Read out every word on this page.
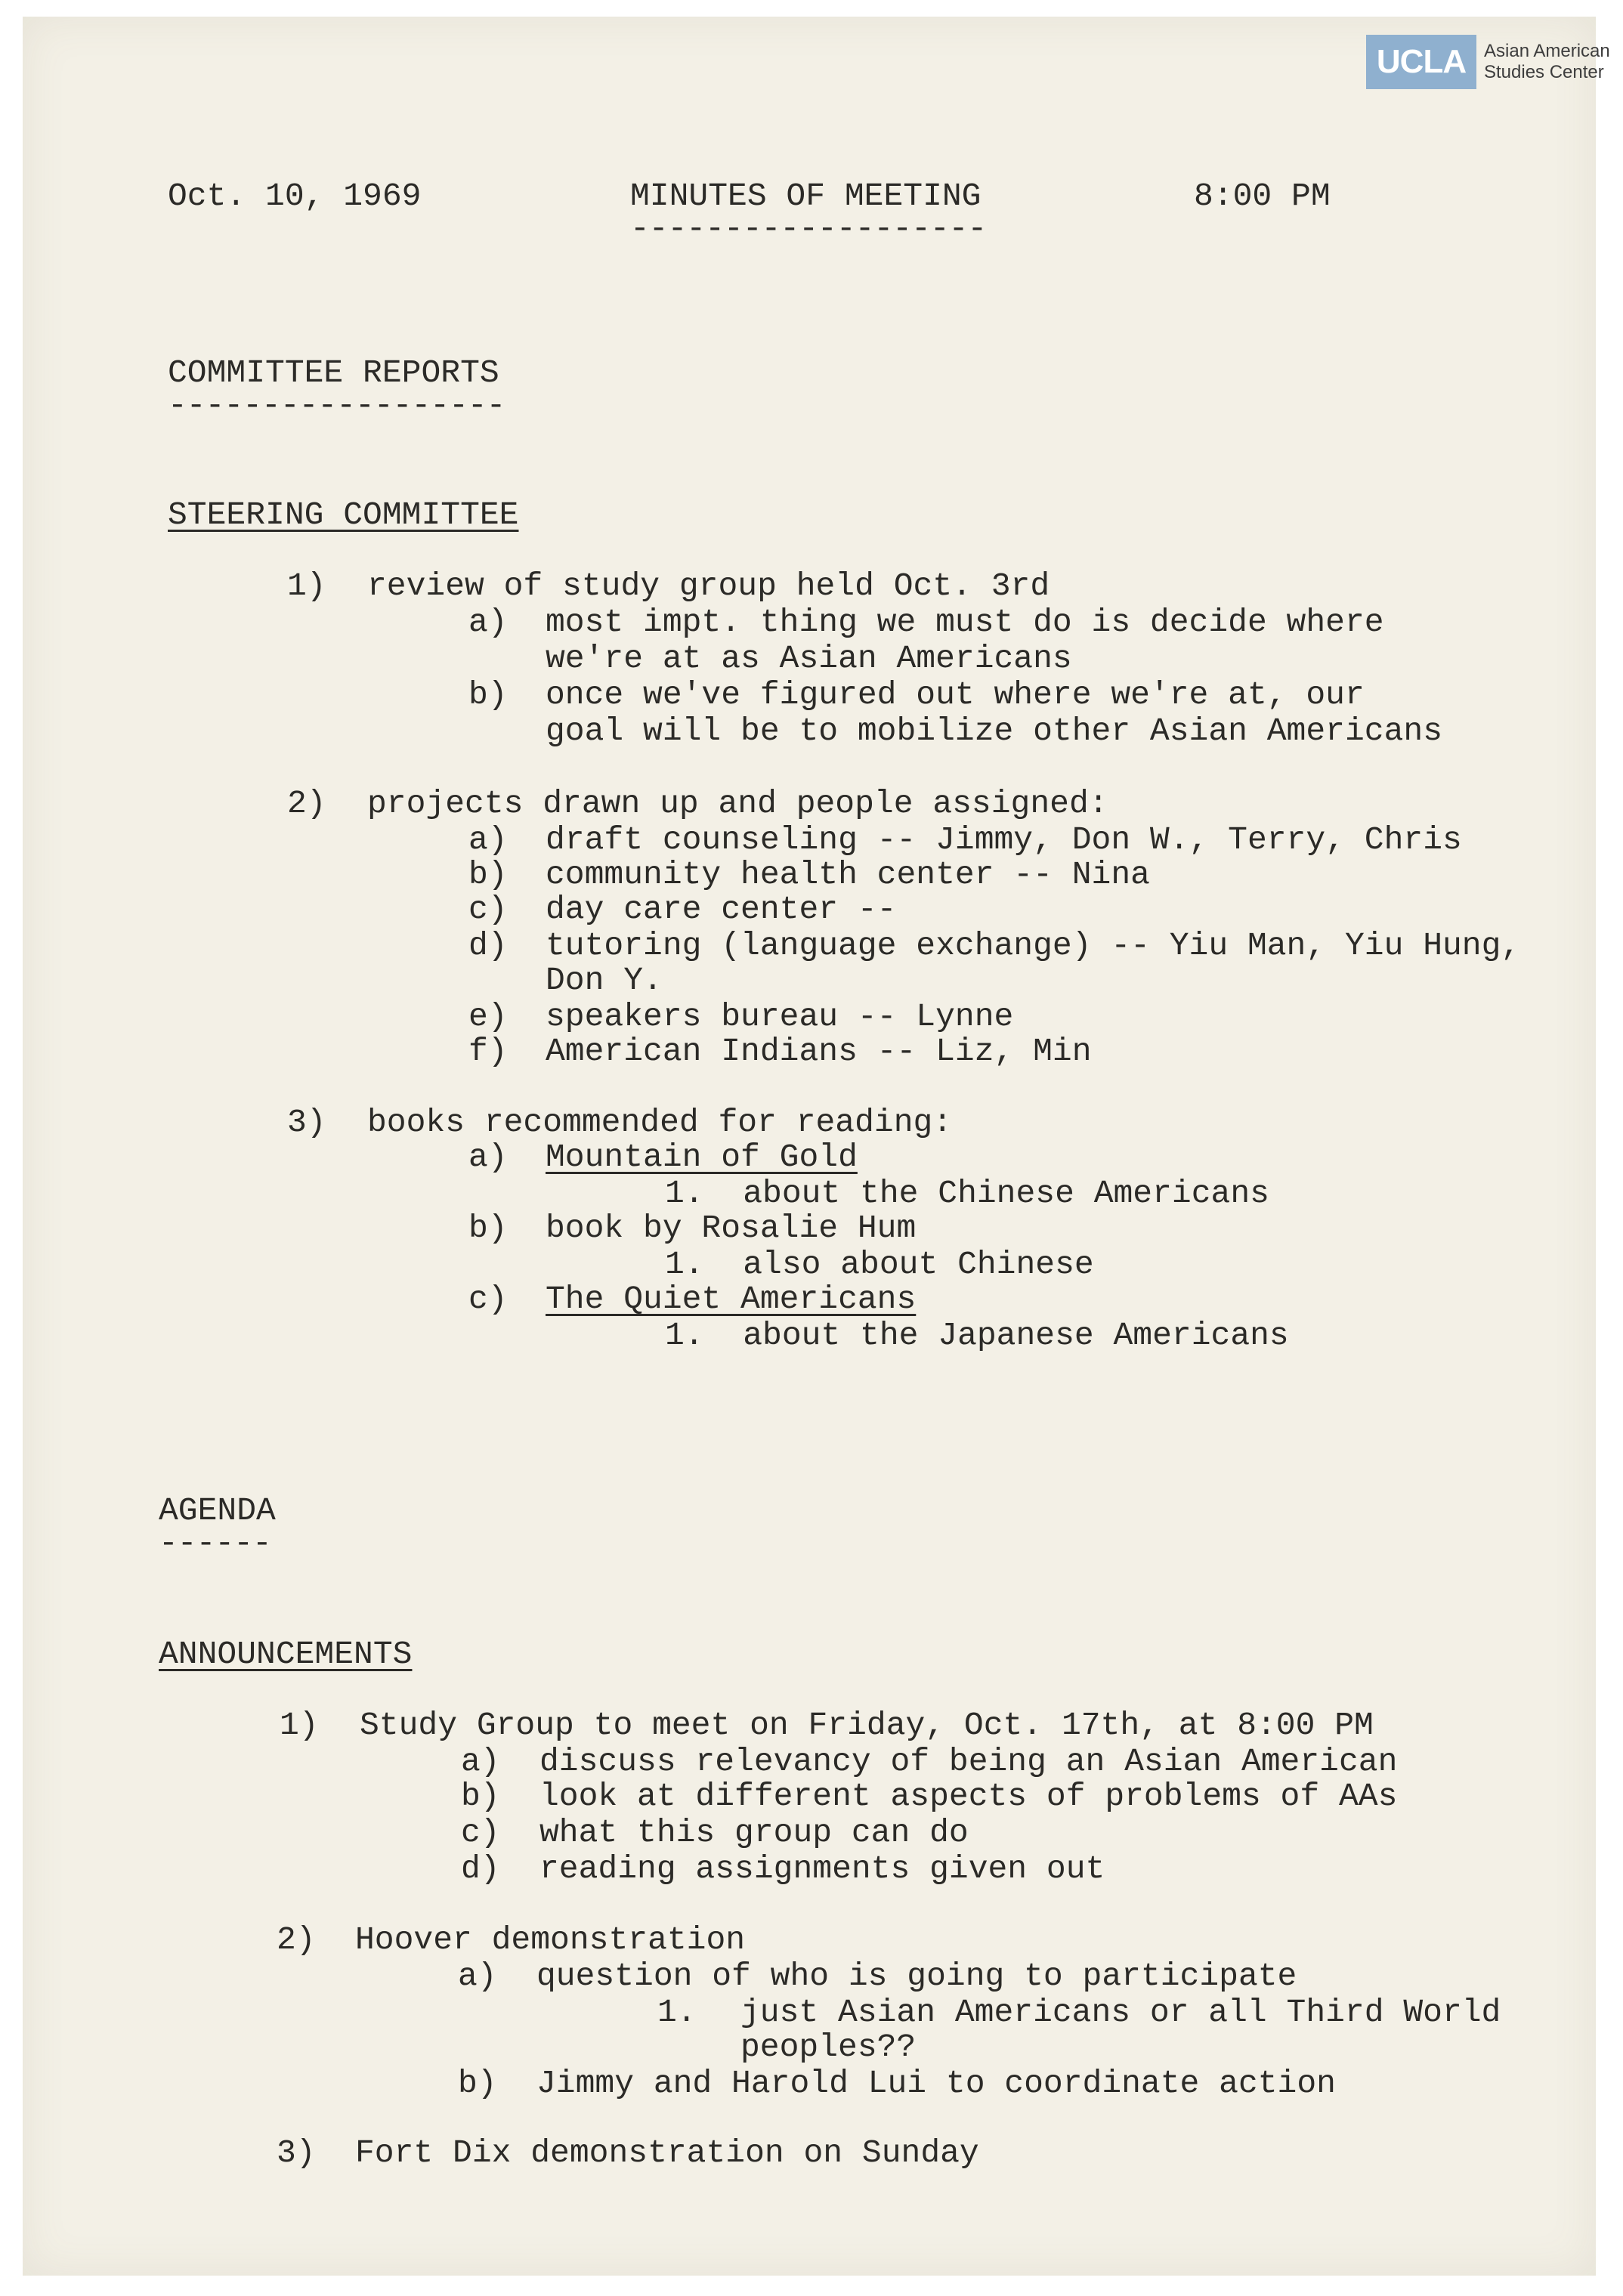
UCLA Asian American
Studies Center
Oct. 10, 1969	MINUTES OF MEETING
-------------------
8:00 PM
COMMITTEE REPORTS
------------------
STEERING COMMITTEE
1) review of study group held Oct. 3rd
a) most impt. thing we must do is decide where
we're at as Asian Americans
b) once we've figured out where we're at, our
goal will be to mobilize other Asian Americans
2) projects drawn up and people assigned:
a) draft counseling -- Jimmy, Don W., Terry, Chris
b) community health center -- Nina
c) day care center --
d) tutoring (language exchange) -- Yiu Man, Yiu Hung,
Don Y.
e) speakers bureau -- Lynne
f) American Indians -- Liz, Min
3) books recommended for reading:
a) Mountain of Gold
1.  about the Chinese Americans
b) book by Rosalie Hum
1.  also about Chinese
c) The Quiet Americans
1.  about the Japanese Americans
AGENDA
------
ANNOUNCEMENTS
1) Study Group to meet on Friday, Oct. 17th, at 8:00 PM
a) discuss relevancy of being an Asian American
b) look at different aspects of problems of AAs
c) what this group can do
d) reading assignments given out
2) Hoover demonstration
a) question of who is going to participate
1. just Asian Americans or all Third World
peoples??
b) Jimmy and Harold Lui to coordinate action
3) Fort Dix demonstration on Sunday
